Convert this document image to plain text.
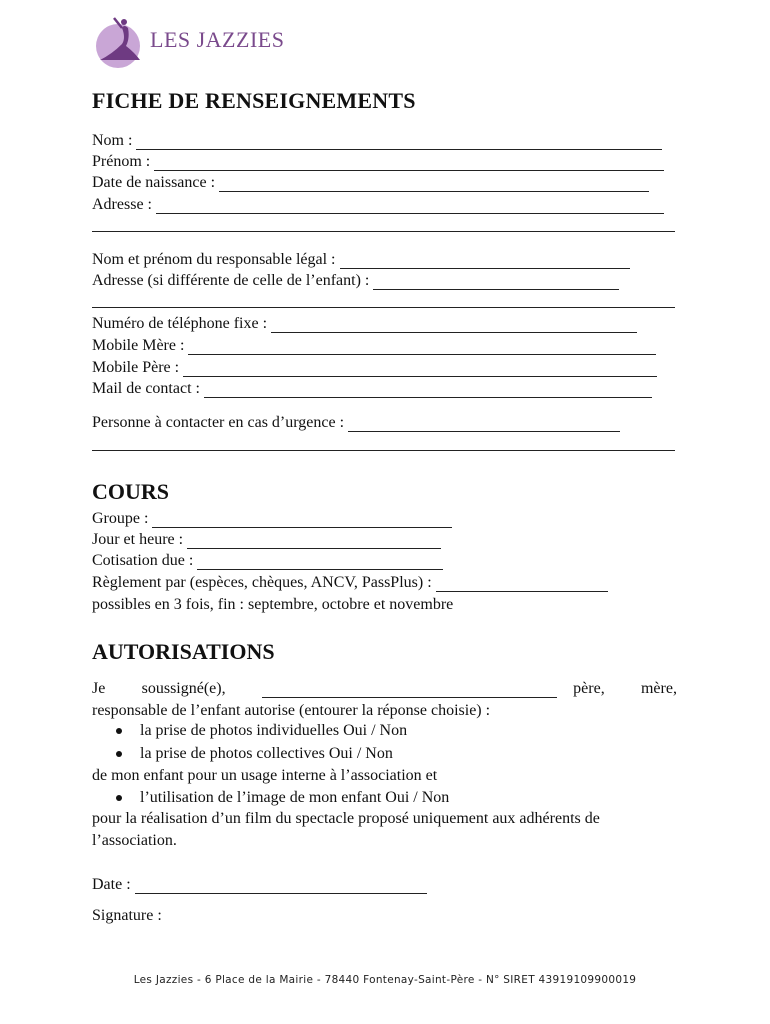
LES JAZZIES
FICHE DE RENSEIGNEMENTS
Nom :
Prénom :
Date de naissance :
Adresse :
Nom et prénom du responsable légal :
Adresse (si différente de celle de l’enfant) :
Numéro de téléphone fixe :
Mobile Mère :
Mobile Père :
Mail de contact :
Personne à contacter en cas d’urgence :
COURS
Groupe :
Jour et heure :
Cotisation due :
Règlement par (espèces, chèques, ANCV, PassPlus) :
possibles en 3 fois, fin : septembre, octobre et novembre
AUTORISATIONS
Je soussigné(e),	père, mère,
responsable de l’enfant autorise (entourer la réponse choisie) :
la prise de photos individuelles Oui / Non
la prise de photos collectives Oui / Non
de mon enfant pour un usage interne à l’association et
l’utilisation de l’image de mon enfant Oui / Non
pour la réalisation d’un film du spectacle proposé uniquement aux adhérents de l’association.
Date :
Signature :
Les Jazzies - 6 Place de la Mairie - 78440 Fontenay-Saint-Père - N° SIRET 43919109900019
